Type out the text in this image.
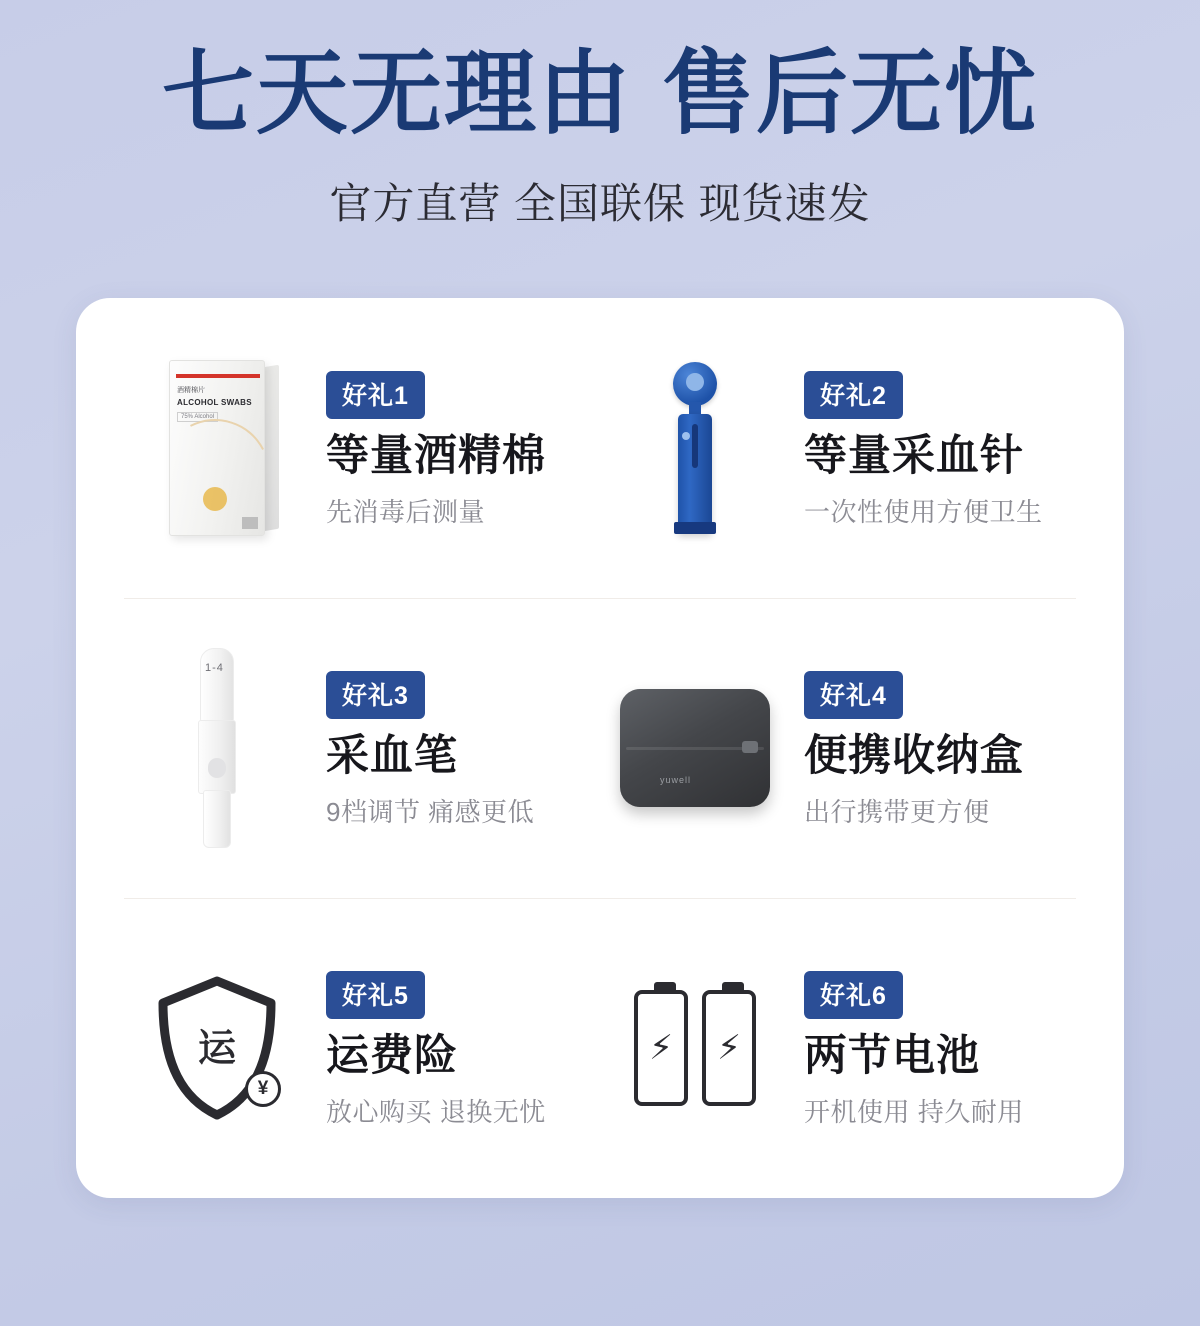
七天无理由 售后无忧
官方直营 全国联保 现货速发
酒精棉片
ALCOHOL SWABS
75% Alcohol
好礼1
等量酒精棉
先消毒后测量
好礼2
等量采血针
一次性使用方便卫生
1-4
好礼3
采血笔
9档调节 痛感更低
yuwell
好礼4
便携收纳盒
出行携带更方便
运
¥
好礼5
运费险
放心购买 退换无忧
⚡ ⚡
好礼6
两节电池
开机使用 持久耐用
